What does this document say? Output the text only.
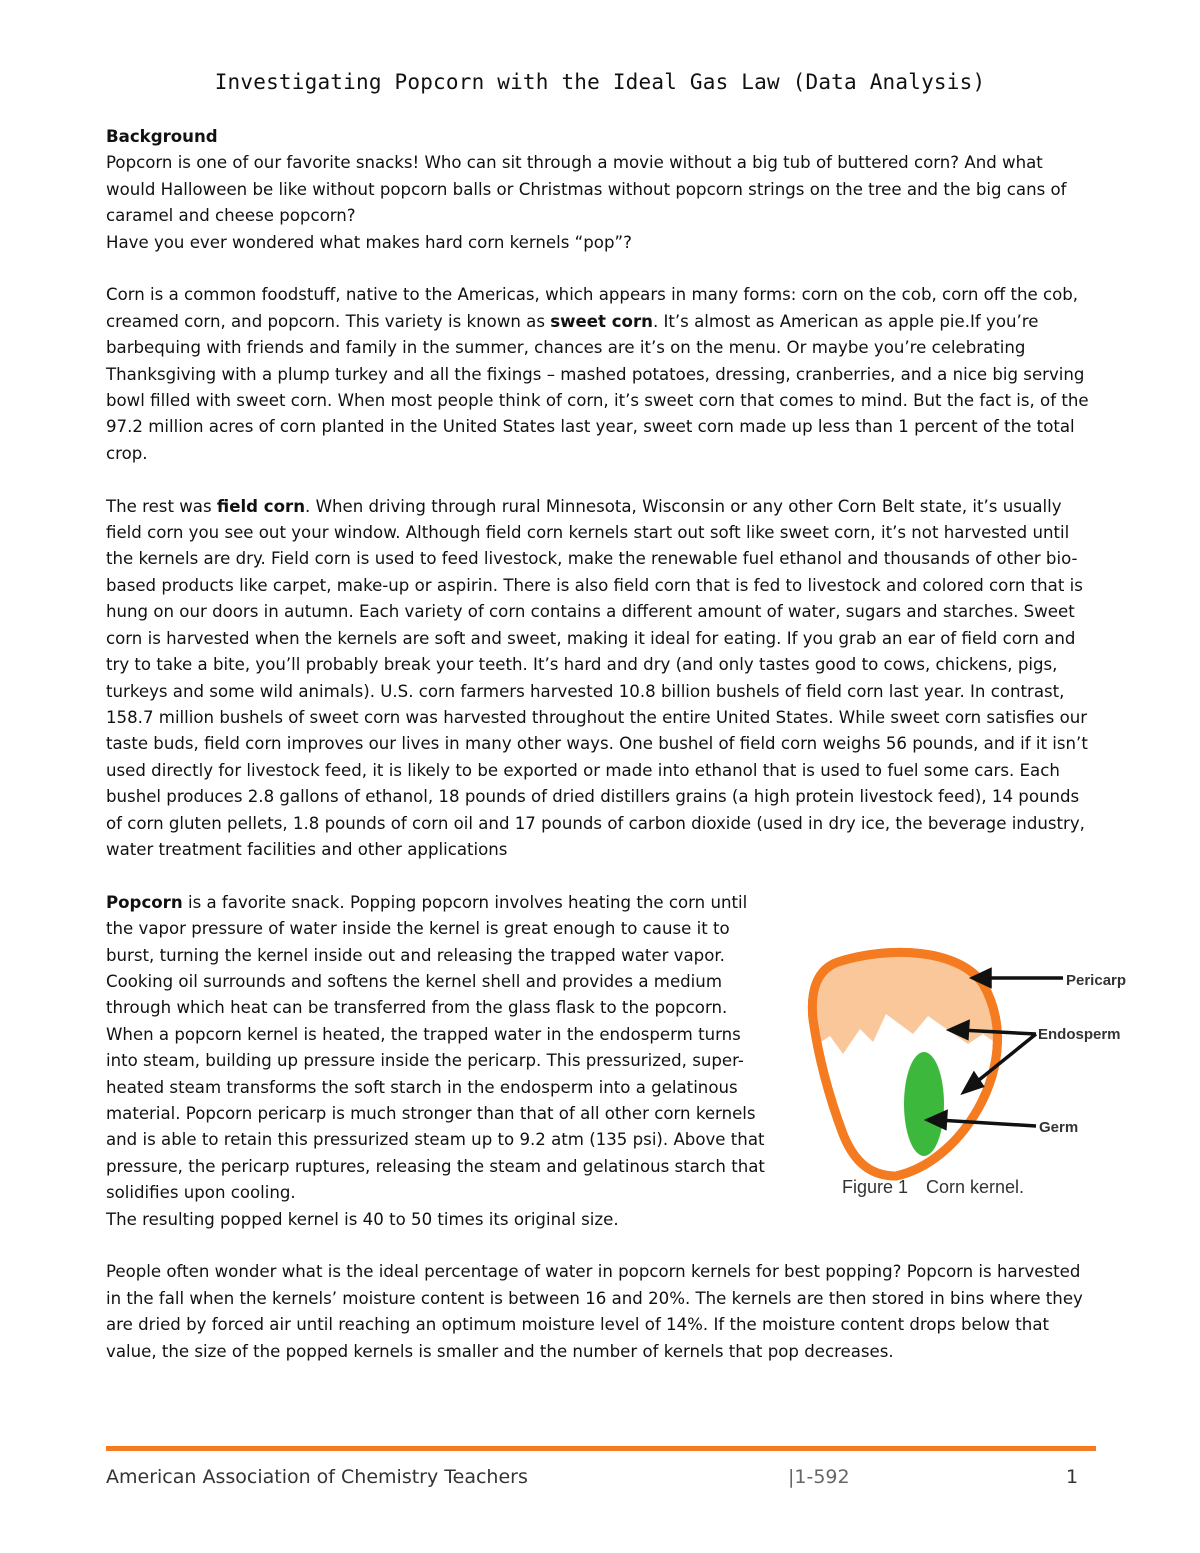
Investigating Popcorn with the Ideal Gas Law (Data Analysis)

Background

Popcorn is one of our favorite snacks! Who can sit through a movie without a big tub of buttered corn? And what would Halloween be like without popcorn balls or Christmas without popcorn strings on the tree and the big cans of caramel and cheese popcorn?

Have you ever wondered what makes hard corn kernels “pop”?

Corn is a common foodstuff, native to the Americas, which appears in many forms: corn on the cob, corn off the cob, creamed corn, and popcorn. This variety is known as sweet corn. It’s almost as American as apple pie.If you’re barbequing with friends and family in the summer, chances are it’s on the menu. Or maybe you’re celebrating Thanksgiving with a plump turkey and all the fixings – mashed potatoes, dressing, cranberries, and a nice big serving bowl filled with sweet corn. When most people think of corn, it’s sweet corn that comes to mind. But the fact is, of the 97.2 million acres of corn planted in the United States last year, sweet corn made up less than 1 percent of the total crop.

The rest was field corn. When driving through rural Minnesota, Wisconsin or any other Corn Belt state, it’s usually field corn you see out your window. Although field corn kernels start out soft like sweet corn, it’s not harvested until the kernels are dry. Field corn is used to feed livestock, make the renewable fuel ethanol and thousands of other bio-based products like carpet, make-up or aspirin. There is also field corn that is fed to livestock and colored corn that is hung on our doors in autumn. Each variety of corn contains a different amount of water, sugars and starches. Sweet corn is harvested when the kernels are soft and sweet, making it ideal for eating. If you grab an ear of field corn and try to take a bite, you’ll probably break your teeth. It’s hard and dry (and only tastes good to cows, chickens, pigs, turkeys and some wild animals). U.S. corn farmers harvested 10.8 billion bushels of field corn last year. In contrast, 158.7 million bushels of sweet corn was harvested throughout the entire United States. While sweet corn satisfies our taste buds, field corn improves our lives in many other ways. One bushel of field corn weighs 56 pounds, and if it isn’t used directly for livestock feed, it is likely to be exported or made into ethanol that is used to fuel some cars. Each bushel produces 2.8 gallons of ethanol, 18 pounds of dried distillers grains (a high protein livestock feed), 14 pounds of corn gluten pellets, 1.8 pounds of corn oil and 17 pounds of carbon dioxide (used in dry ice, the beverage industry, water treatment facilities and other applications

Pericarp
Endosperm
Germ
Figure 1 Corn kernel.
Popcorn is a favorite snack. Popping popcorn involves heating the corn until the vapor pressure of water inside the kernel is great enough to cause it to burst, turning the kernel inside out and releasing the trapped water vapor. Cooking oil surrounds and softens the kernel shell and provides a medium through which heat can be transferred from the glass flask to the popcorn. When a popcorn kernel is heated, the trapped water in the endosperm turns into steam, building up pressure inside the pericarp. This pressurized, super-heated steam transforms the soft starch in the endosperm into a gelatinous material. Popcorn pericarp is much stronger than that of all other corn kernels and is able to retain this pressurized steam up to 9.2 atm (135 psi). Above that pressure, the pericarp ruptures, releasing the steam and gelatinous starch that solidifies upon cooling.
The resulting popped kernel is 40 to 50 times its original size.

People often wonder what is the ideal percentage of water in popcorn kernels for best popping? Popcorn is harvested in the fall when the kernels’ moisture content is between 16 and 20%. The kernels are then stored in bins where they are dried by forced air until reaching an optimum moisture level of 14%. If the moisture content drops below that value, the size of the popped kernels is smaller and the number of kernels that pop decreases.

American Association of Chemistry Teachers	|1-592	1
